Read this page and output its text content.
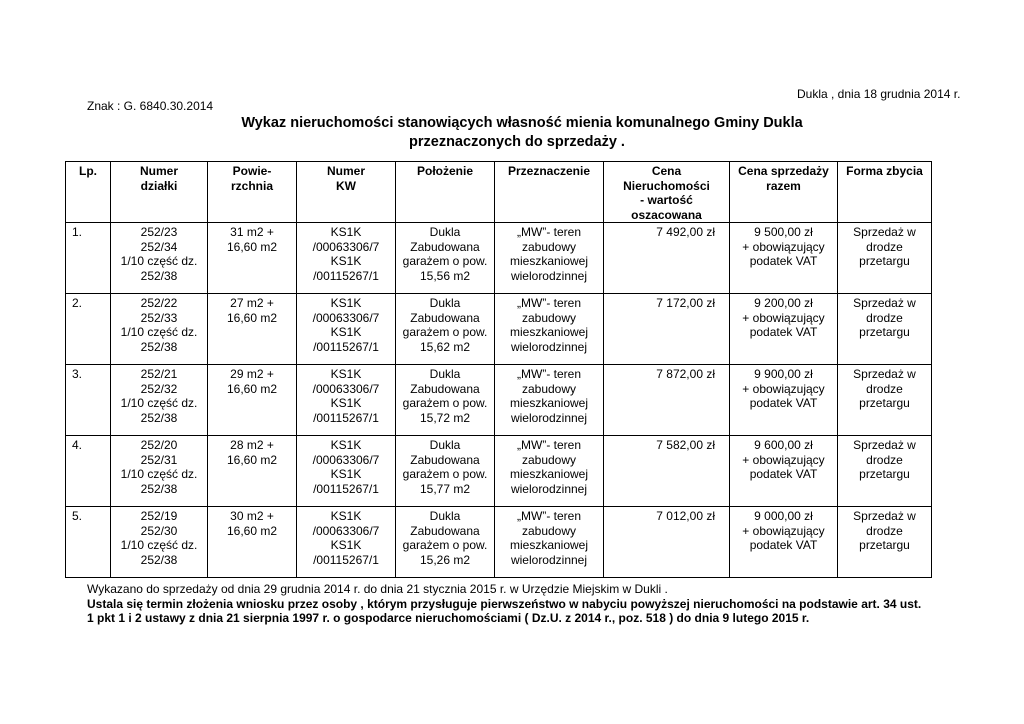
Dukla , dnia 18 grudnia 2014 r.
Znak : G. 6840.30.2014
Wykaz nieruchomości stanowiących własność mienia komunalnego Gminy Dukla
przeznaczonych do sprzedaży .
Lp.	Numer
działki	Powie-
rzchnia	Numer
KW	Położenie	Przeznaczenie	Cena
Nieruchomości
- wartość
oszacowana	Cena sprzedaży
razem	Forma zbycia

1.	252/23
252/34
1/10 część dz.
252/38	31 m2 +
16,60 m2	KS1K
/00063306/7
KS1K
/00115267/1	Dukla
Zabudowana
garażem o pow.
15,56 m2	„MW”- teren
zabudowy
mieszkaniowej
wielorodzinnej	7 492,00 zł	9 500,00 zł
+ obowiązujący
podatek VAT	Sprzedaż w
drodze
przetargu

2.	252/22
252/33
1/10 część dz.
252/38	27 m2 +
16,60 m2	KS1K
/00063306/7
KS1K
/00115267/1	Dukla
Zabudowana
garażem o pow.
15,62 m2	„MW”- teren
zabudowy
mieszkaniowej
wielorodzinnej	7 172,00 zł	9 200,00 zł
+ obowiązujący
podatek VAT	Sprzedaż w
drodze
przetargu

3.	252/21
252/32
1/10 część dz.
252/38	29 m2 +
16,60 m2	KS1K
/00063306/7
KS1K
/00115267/1	Dukla
Zabudowana
garażem o pow.
15,72 m2	„MW”- teren
zabudowy
mieszkaniowej
wielorodzinnej	7 872,00 zł	9 900,00 zł
+ obowiązujący
podatek VAT	Sprzedaż w
drodze
przetargu

4.	252/20
252/31
1/10 część dz.
252/38	28 m2 +
16,60 m2	KS1K
/00063306/7
KS1K
/00115267/1	Dukla
Zabudowana
garażem o pow.
15,77 m2	„MW”- teren
zabudowy
mieszkaniowej
wielorodzinnej	7 582,00 zł	9 600,00 zł
+ obowiązujący
podatek VAT	Sprzedaż w
drodze
przetargu

5.	252/19
252/30
1/10 część dz.
252/38	30 m2 +
16,60 m2	KS1K
/00063306/7
KS1K
/00115267/1	Dukla
Zabudowana
garażem o pow.
15,26 m2	„MW”- teren
zabudowy
mieszkaniowej
wielorodzinnej	7 012,00 zł	9 000,00 zł
+ obowiązujący
podatek VAT	Sprzedaż w
drodze
przetargu
Wykazano do sprzedaży od dnia 29 grudnia 2014 r. do dnia 21 stycznia 2015 r. w Urzędzie Miejskim w Dukli .
Ustala się termin złożenia wniosku przez osoby , którym przysługuje pierwszeństwo w nabyciu powyższej nieruchomości na podstawie art. 34 ust.
1 pkt 1 i 2 ustawy z dnia 21 sierpnia 1997 r. o gospodarce nieruchomościami ( Dz.U. z 2014 r., poz. 518 ) do dnia 9 lutego 2015 r.
